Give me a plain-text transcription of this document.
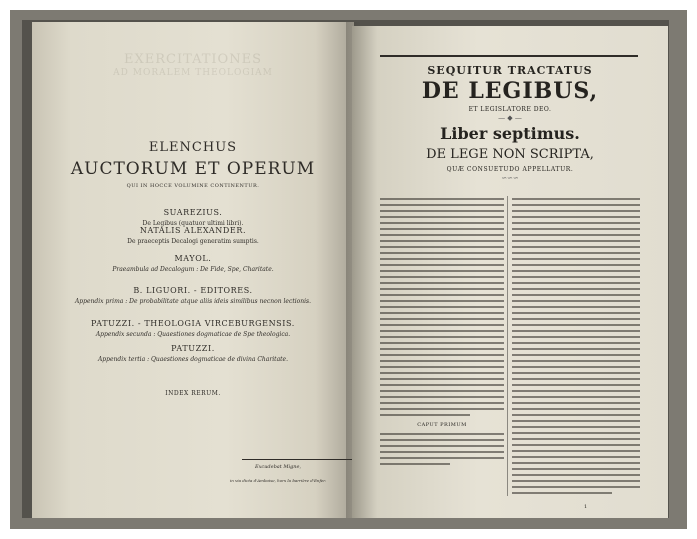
EXERCITATIONES
AD MORALEM THEOLOGIAM
ELENCHUS
AUCTORUM ET OPERUM
QUI IN HOCCE VOLUMINE CONTINENTUR.
SUAREZIUS.
De Legibus (quatuor ultimi libri).
NATALIS ALEXANDER.
De praeceptis Decalogi generatim sumptis.
MAYOL.
Praeambula ad Decalogum : De Fide, Spe, Charitate.
B. LIGUORI. - EDITORES.
Appendix prima : De probabilitate atque aliis ideis similibus necnon lectionis.
PATUZZI. - THEOLOGIA VIRCEBURGENSIS.
Appendix secunda : Quaestiones dogmaticae de Spe theologica.
PATUZZI.
Appendix tertia : Quaestiones dogmaticae de divina Charitate.
INDEX RERUM.
Excudebat Migne,
in via dicta d'Amboise, hors la barrière d'Enfer.
SEQUITUR TRACTATUS
DE LEGIBUS,
ET LEGISLATORE DEO.
— ◆ —
Liber septimus.
DE LEGE NON SCRIPTA,
QUÆ CONSUETUDO APPELLATUR.
∽∽∽
CAPUT PRIMUM
1
